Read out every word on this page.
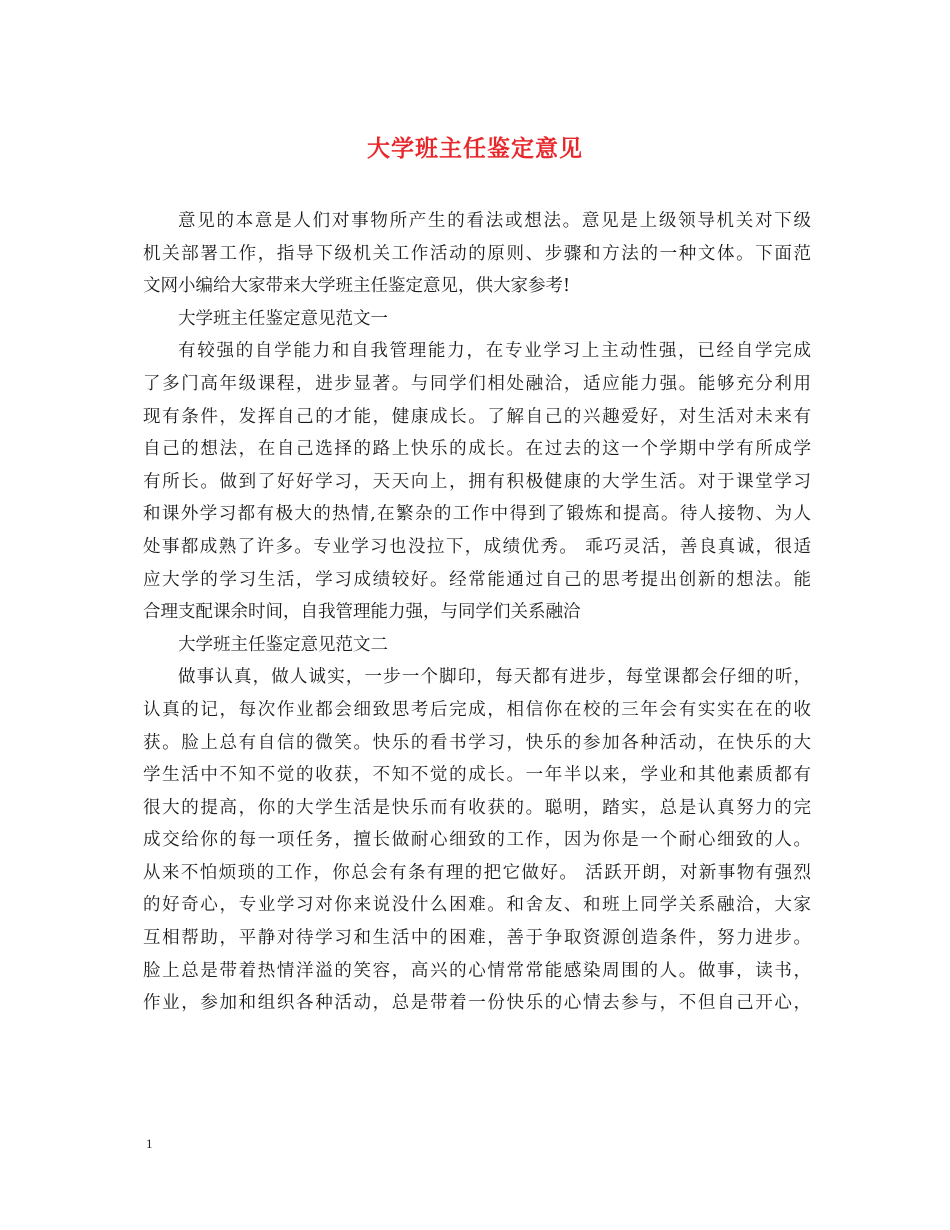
大学班主任鉴定意见
意见的本意是人们对事物所产生的看法或想法。意见是上级领导机关对下级
机关部署工作，指导下级机关工作活动的原则、步骤和方法的一种文体。下面范
文网小编给大家带来大学班主任鉴定意见，供大家参考!
大学班主任鉴定意见范文一
有较强的自学能力和自我管理能力，在专业学习上主动性强，已经自学完成
了多门高年级课程，进步显著。与同学们相处融洽，适应能力强。能够充分利用
现有条件，发挥自己的才能，健康成长。了解自己的兴趣爱好，对生活对未来有
自己的想法，在自己选择的路上快乐的成长。在过去的这一个学期中学有所成学
有所长。做到了好好学习，天天向上，拥有积极健康的大学生活。对于课堂学习
和课外学习都有极大的热情,在繁杂的工作中得到了锻炼和提高。待人接物、为人
处事都成熟了许多。专业学习也没拉下，成绩优秀。 乖巧灵活，善良真诚，很适
应大学的学习生活，学习成绩较好。经常能通过自己的思考提出创新的想法。能
合理支配课余时间，自我管理能力强，与同学们关系融洽
大学班主任鉴定意见范文二
做事认真，做人诚实，一步一个脚印，每天都有进步，每堂课都会仔细的听，
认真的记，每次作业都会细致思考后完成，相信你在校的三年会有实实在在的收
获。脸上总有自信的微笑。快乐的看书学习，快乐的参加各种活动，在快乐的大
学生活中不知不觉的收获，不知不觉的成长。一年半以来，学业和其他素质都有
很大的提高，你的大学生活是快乐而有收获的。聪明，踏实，总是认真努力的完
成交给你的每一项任务，擅长做耐心细致的工作，因为你是一个耐心细致的人。
从来不怕烦琐的工作，你总会有条有理的把它做好。 活跃开朗，对新事物有强烈
的好奇心，专业学习对你来说没什么困难。和舍友、和班上同学关系融洽，大家
互相帮助，平静对待学习和生活中的困难，善于争取资源创造条件，努力进步。
脸上总是带着热情洋溢的笑容，高兴的心情常常能感染周围的人。做事，读书，
作业，参加和组织各种活动，总是带着一份快乐的心情去参与，不但自己开心，
1
